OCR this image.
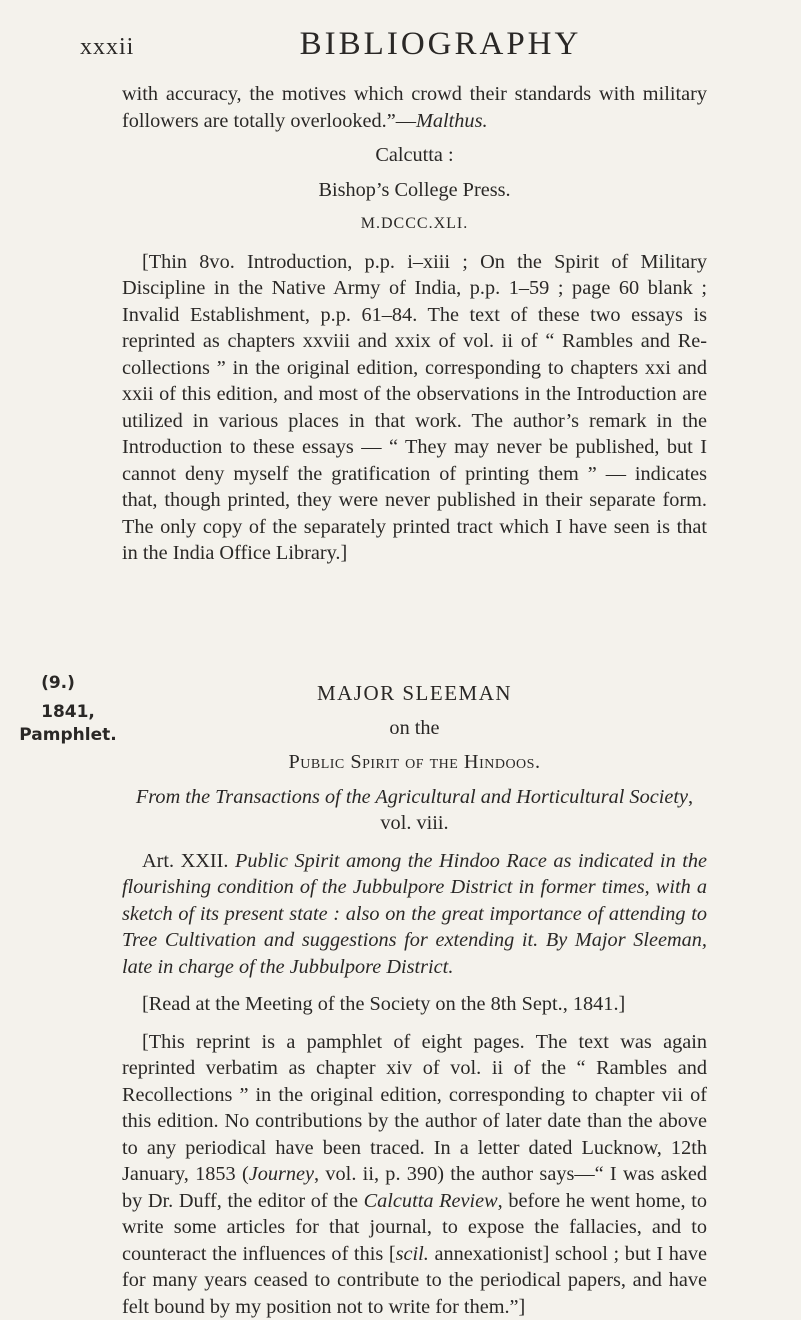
xxxii	BIBLIOGRAPHY

with accuracy, the motives which crowd their standards with military followers are totally overlooked.”—Malthus.

Calcutta :

Bishop’s College Press.

M.DCCC.XLI.

[Thin 8vo. Introduction, p.p. i–xiii ; On the Spirit of Military Discipline in the Native Army of India, p.p. 1–59 ; page 60 blank ; Invalid Establishment, p.p. 61–84. The text of these two essays is reprinted as chapters xxviii and xxix of vol. ii of “ Rambles and Recollections ” in the original edition, corresponding to chapters xxi and xxii of this edition, and most of the observations in the Introduction are utilized in various places in that work. The author’s remark in the Introduction to these essays — “ They may never be published, but I cannot deny myself the gratification of printing them ” — indicates that, though printed, they were never published in their separate form. The only copy of the separately printed tract which I have seen is that in the India Office Library.]

(9.)
1841,
Pamphlet.

MAJOR SLEEMAN

on the

Public Spirit of the Hindoos.

From the Transactions of the Agricultural and Horticultural Society, vol. viii.

Art. XXII. Public Spirit among the Hindoo Race as indicated in the flourishing condition of the Jubbulpore District in former times, with a sketch of its present state : also on the great importance of attending to Tree Cultivation and suggestions for extending it. By Major Sleeman, late in charge of the Jubbulpore District.

[Read at the Meeting of the Society on the 8th Sept., 1841.]

[This reprint is a pamphlet of eight pages. The text was again reprinted verbatim as chapter xiv of vol. ii of the “ Rambles and Recollections ” in the original edition, corresponding to chapter vii of this edition. No contributions by the author of later date than the above to any periodical have been traced. In a letter dated Lucknow, 12th January, 1853 (Journey, vol. ii, p. 390) the author says—“ I was asked by Dr. Duff, the editor of the Calcutta Review, before he went home, to write some articles for that journal, to expose the fallacies, and to counteract the influences of this [scil. annexationist] school ; but I have for many years ceased to contribute to the periodical papers, and have felt bound by my position not to write for them.”]
